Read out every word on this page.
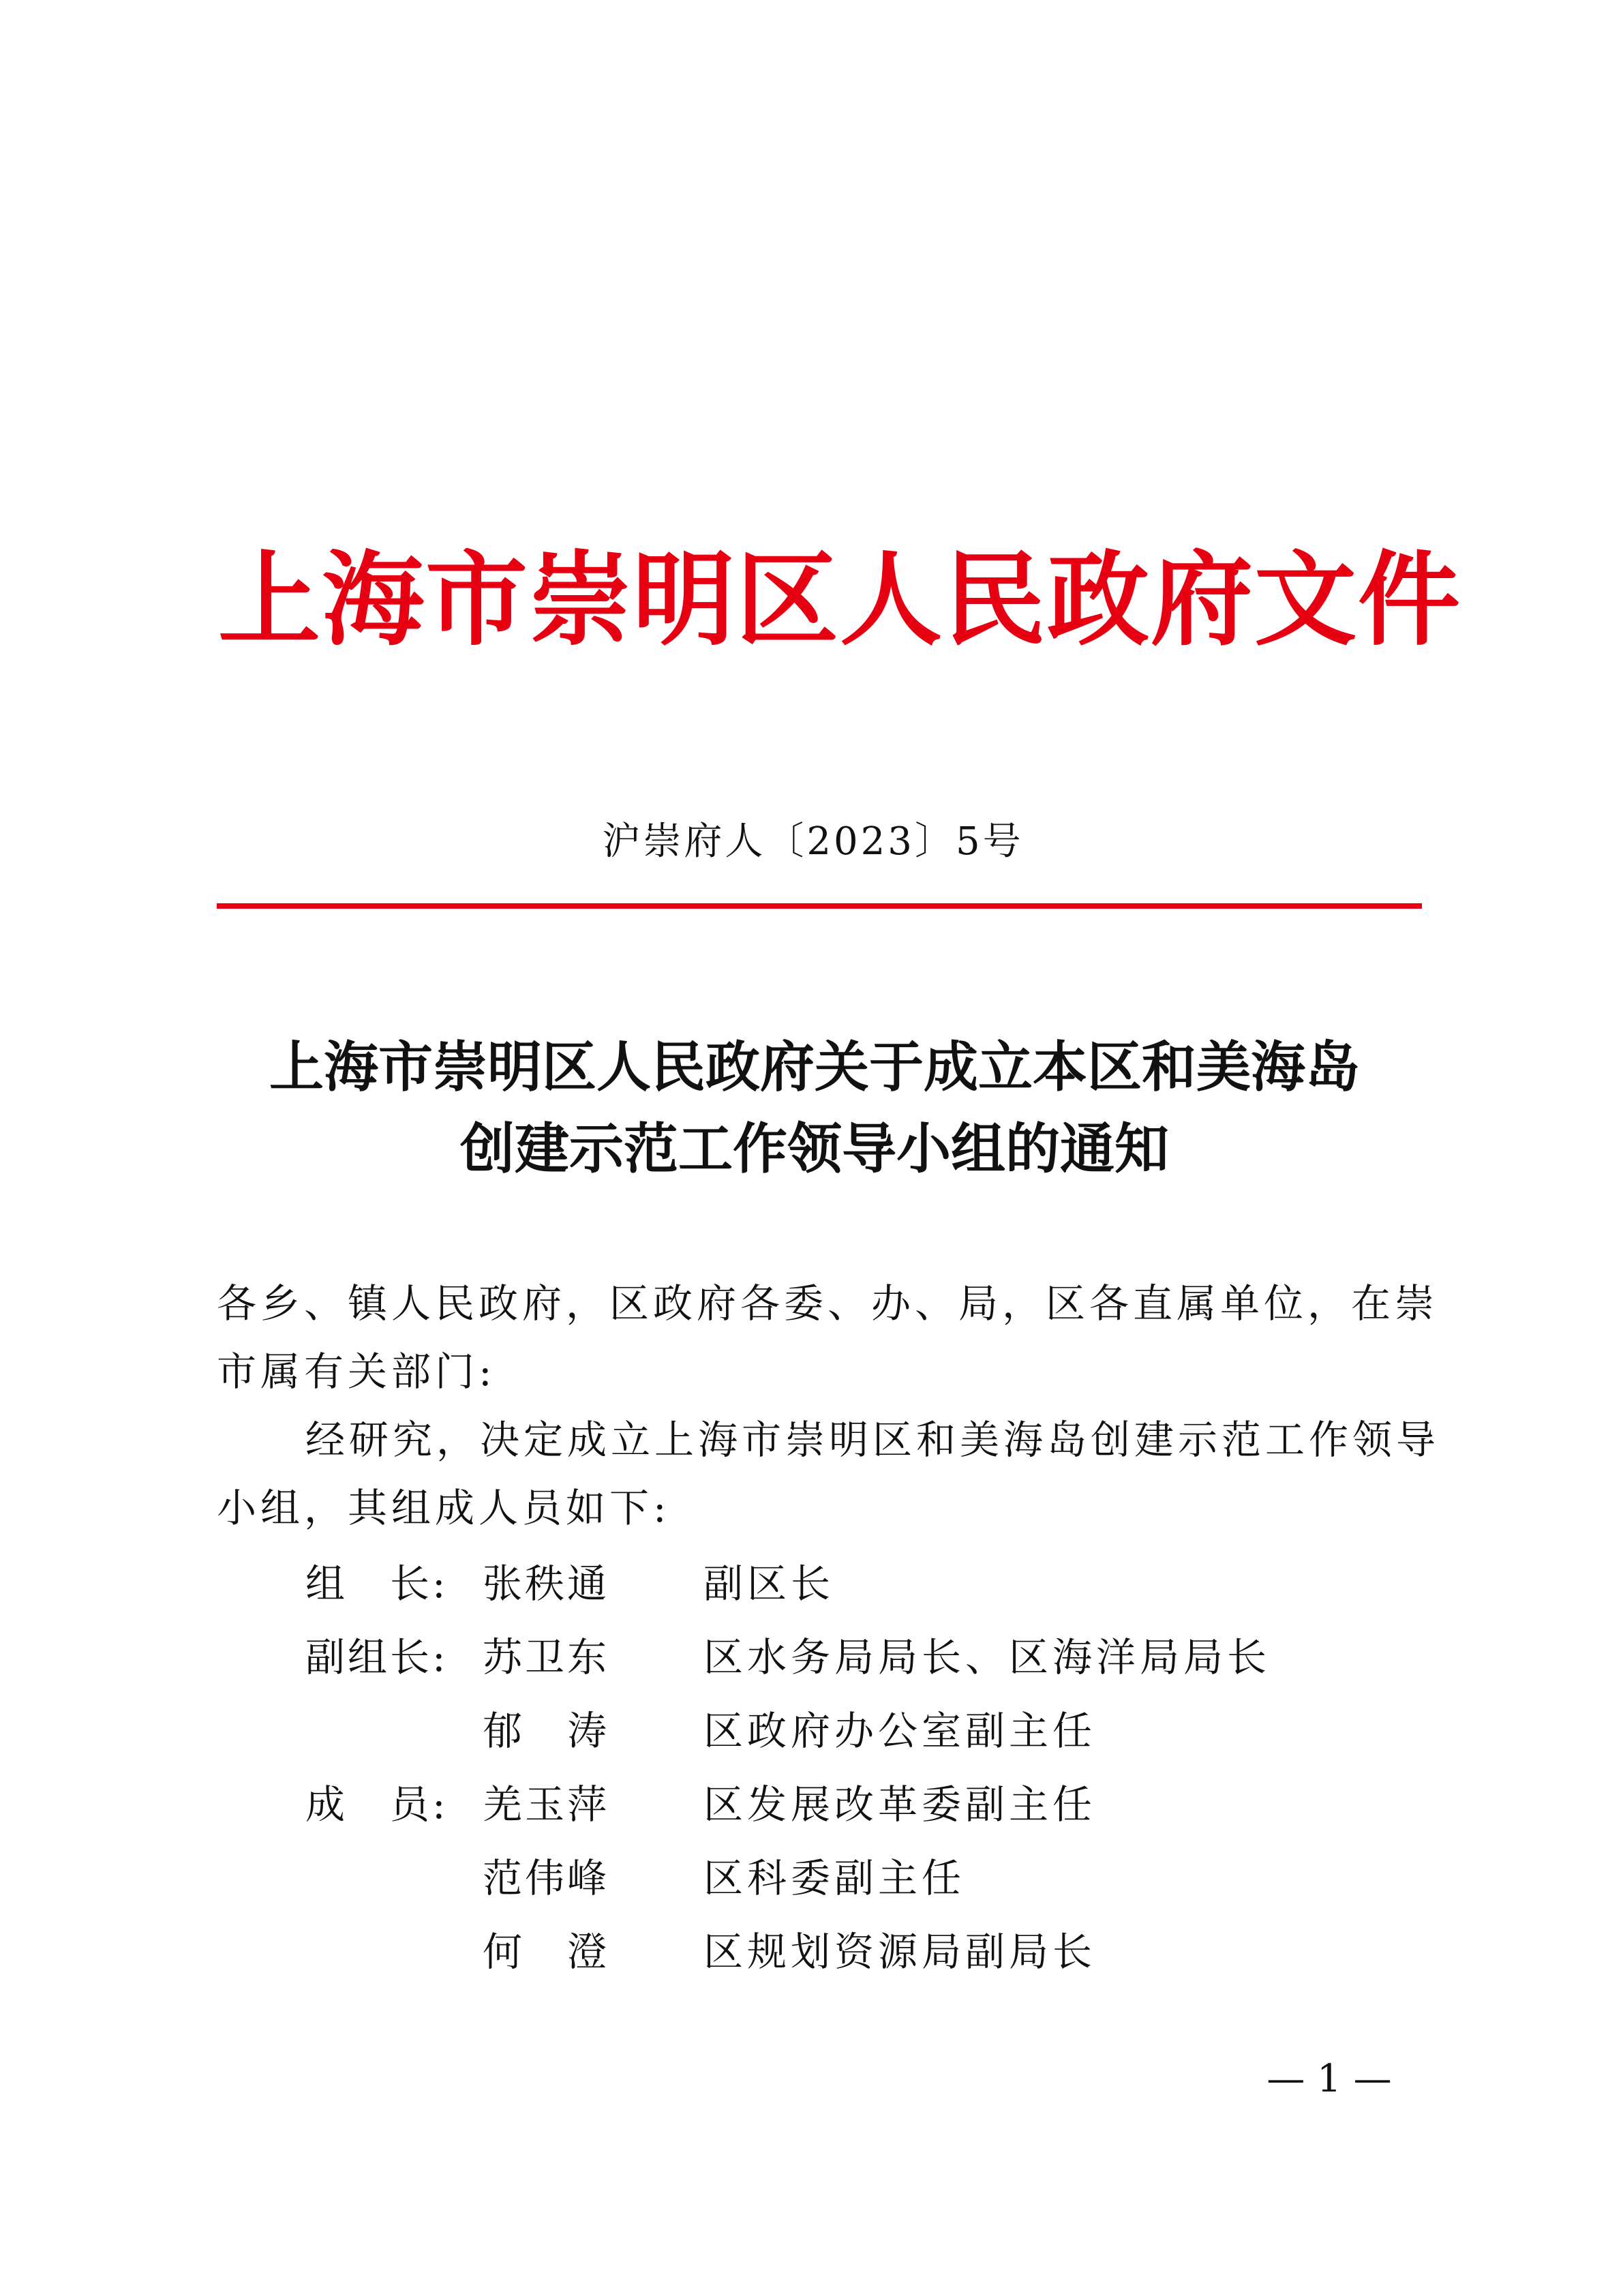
上海市崇明区人民政府文件
沪崇府人〔2023〕5号
上海市崇明区人民政府关于成立本区和美海岛
创建示范工作领导小组的通知
各乡、镇人民政府，区政府各委、办、局，区各直属单位，在崇
市属有关部门:
经研究，决定成立上海市崇明区和美海岛创建示范工作领导
小组，其组成人员如下:
组　长: 张秩通 副区长
副组长: 苏卫东 区水务局局长、区海洋局局长
郁　涛 区政府办公室副主任
成　员: 羌玉萍 区发展改革委副主任
范伟峰 区科委副主任
何　澄 区规划资源局副局长
— 1 —
